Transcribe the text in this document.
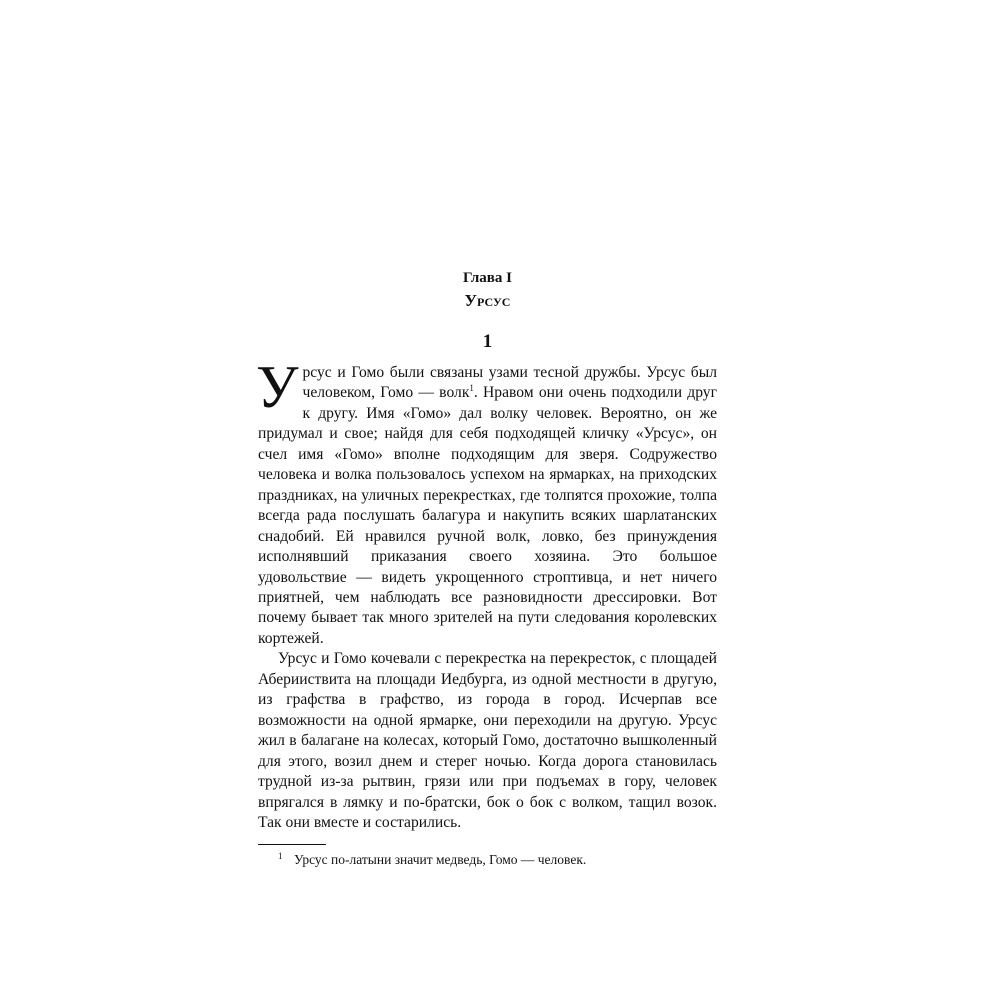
Глава I

Урсус

1

Урсус и Гомо были связаны узами тесной дружбы. Урсус был человеком, Гомо — волк$^1$. Нравом они очень подходили друг к другу. Имя «Гомо» дал волку человек. Вероятно, он же придумал и свое; найдя для себя подходящей кличку «Урсус», он счел имя «Гомо» вполне подходящим для зверя. Содружество человека и волка пользовалось успехом на ярмарках, на приходских праздниках, на уличных перекрестках, где толпятся прохожие, толпа всегда рада послушать балагура и накупить всяких шарлатанских снадобий. Ей нравился ручной волк, ловко, без принуждения исполнявший приказания своего хозяина. Это большое удовольствие — видеть укрощенного строптивца, и нет ничего приятней, чем наблюдать все разновидности дрессировки. Вот почему бывает так много зрителей на пути следования королевских кортежей.

Урсус и Гомо кочевали с перекрестка на перекресток, с площадей Аберииствита на площади Иедбурга, из одной местности в другую, из графства в графство, из города в город. Исчерпав все возможности на одной ярмарке, они переходили на другую. Урсус жил в балагане на колесах, который Гомо, достаточно вышколенный для этого, возил днем и стерег ночью. Когда дорога становилась трудной из-за рытвин, грязи или при подъемах в гору, человек впрягался в лямку и по-братски, бок о бок с волком, тащил возок. Так они вместе и состарились.

1 Урсус по-латыни значит медведь, Гомо — человек.
